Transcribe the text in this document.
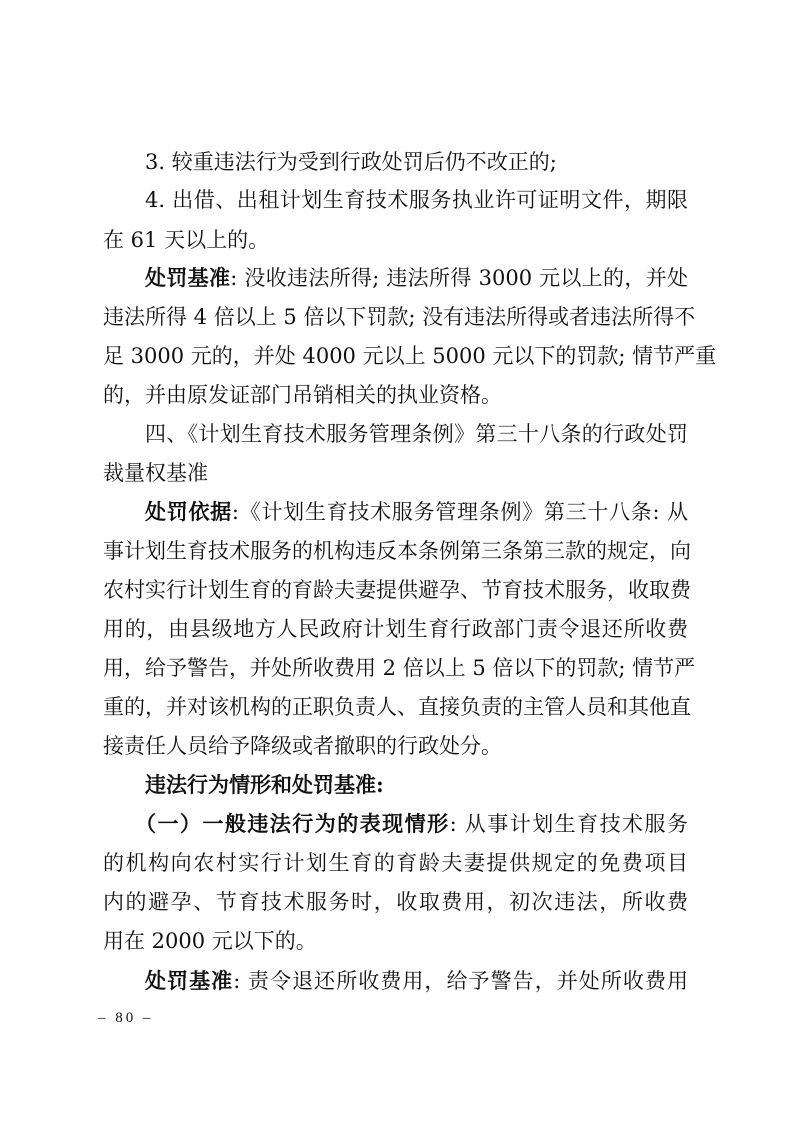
3. 较重违法行为受到行政处罚后仍不改正的;
4. 出借、出租计划生育技术服务执业许可证明文件，期限
在 61 天以上的。
处罚基准: 没收违法所得; 违法所得 3000 元以上的，并处
违法所得 4 倍以上 5 倍以下罚款; 没有违法所得或者违法所得不
足 3000 元的，并处 4000 元以上 5000 元以下的罚款; 情节严重
的，并由原发证部门吊销相关的执业资格。
四、《计划生育技术服务管理条例》第三十八条的行政处罚
裁量权基准
处罚依据:《计划生育技术服务管理条例》第三十八条: 从
事计划生育技术服务的机构违反本条例第三条第三款的规定，向
农村实行计划生育的育龄夫妻提供避孕、节育技术服务，收取费
用的，由县级地方人民政府计划生育行政部门责令退还所收费
用，给予警告，并处所收费用 2 倍以上 5 倍以下的罚款; 情节严
重的，并对该机构的正职负责人、直接负责的主管人员和其他直
接责任人员给予降级或者撤职的行政处分。
违法行为情形和处罚基准:
（一）一般违法行为的表现情形: 从事计划生育技术服务
的机构向农村实行计划生育的育龄夫妻提供规定的免费项目
内的避孕、节育技术服务时，收取费用，初次违法，所收费
用在 2000 元以下的。
处罚基准: 责令退还所收费用，给予警告，并处所收费用
– 80 –
